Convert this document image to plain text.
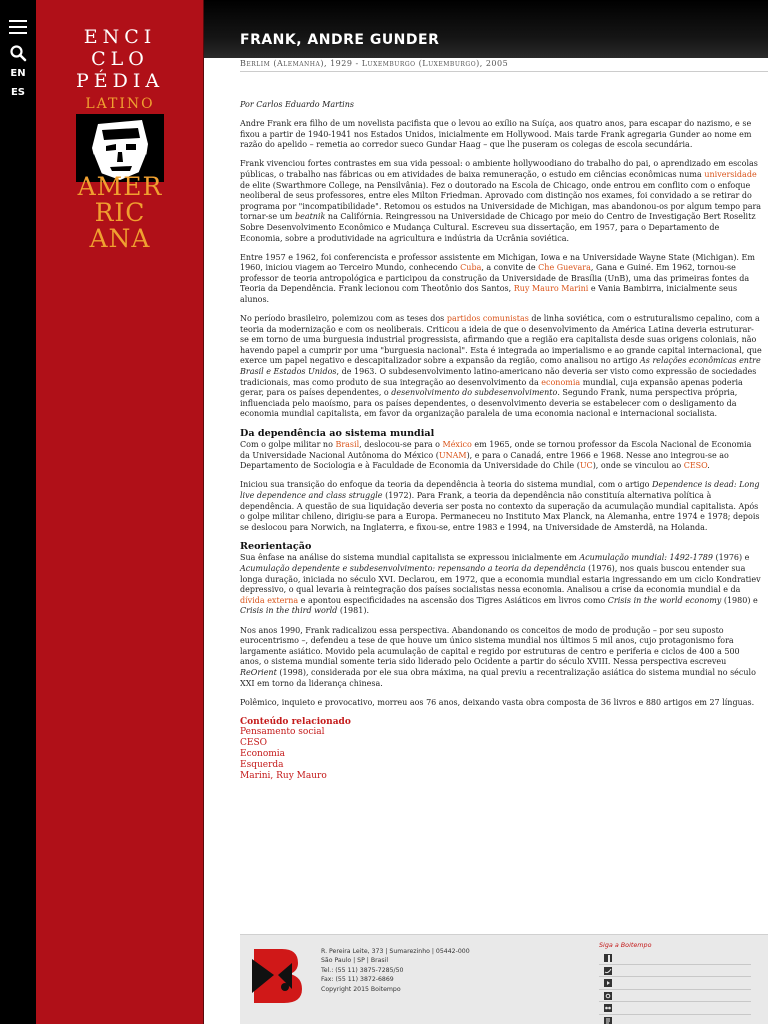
EN
ES
ENCI
CLO
PÉDIA
LATINO
AMER
RIC
ANA
FRANK, ANDRE GUNDER
Berlim (Alemanha), 1929 - Luxemburgo (Luxemburgo), 2005

Por Carlos Eduardo Martins

Andre Frank era filho de um novelista pacifista que o levou ao exílio na Suíça, aos quatro anos, para escapar do nazismo, e se fixou a partir de 1940-1941 nos Estados Unidos, inicialmente em Hollywood. Mais tarde Frank agregaria Gunder ao nome em razão do apelido – remetia ao corredor sueco Gundar Haag – que lhe puseram os colegas de escola secundária.

Frank vivenciou fortes contrastes em sua vida pessoal: o ambiente hollywoodiano do trabalho do pai, o aprendizado em escolas públicas, o trabalho nas fábricas ou em atividades de baixa remuneração, o estudo em ciências econômicas numa universidade de elite (Swarthmore College, na Pensilvânia). Fez o doutorado na Escola de Chicago, onde entrou em conflito com o enfoque neoliberal de seus professores, entre eles Milton Friedman. Aprovado com distinção nos exames, foi convidado a se retirar do programa por "incompatibilidade". Retomou os estudos na Universidade de Michigan, mas abandonou-os por algum tempo para tornar-se um beatnik na Califórnia. Reingressou na Universidade de Chicago por meio do Centro de Investigação Bert Roselitz Sobre Desenvolvimento Econômico e Mudança Cultural. Escreveu sua dissertação, em 1957, para o Departamento de Economia, sobre a produtividade na agricultura e indústria da Ucrânia soviética.

Entre 1957 e 1962, foi conferencista e professor assistente em Michigan, Iowa e na Universidade Wayne State (Michigan). Em 1960, iniciou viagem ao Terceiro Mundo, conhecendo Cuba, a convite de Che Guevara, Gana e Guiné. Em 1962, tornou-se professor de teoria antropológica e participou da construção da Universidade de Brasília (UnB), uma das primeiras fontes da Teoria da Dependência. Frank lecionou com Theotônio dos Santos, Ruy Mauro Marini e Vania Bambirra, inicialmente seus alunos.

No período brasileiro, polemizou com as teses dos partidos comunistas de linha soviética, com o estruturalismo cepalino, com a teoria da modernização e com os neoliberais. Criticou a ideia de que o desenvolvimento da América Latina deveria estruturar-se em torno de uma burguesia industrial progressista, afirmando que a região era capitalista desde suas origens coloniais, não havendo papel a cumprir por uma "burguesia nacional". Esta é integrada ao imperialismo e ao grande capital internacional, que exerce um papel negativo e descapitalizador sobre a expansão da região, como analisou no artigo As relações econômicas entre Brasil e Estados Unidos, de 1963. O subdesenvolvimento latino-americano não deveria ser visto como expressão de sociedades tradicionais, mas como produto de sua integração ao desenvolvimento da economia mundial, cuja expansão apenas poderia gerar, para os países dependentes, o desenvolvimento do subdesenvolvimento. Segundo Frank, numa perspectiva própria, influenciada pelo maoísmo, para os países dependentes, o desenvolvimento deveria se estabelecer com o desligamento da economia mundial capitalista, em favor da organização paralela de uma economia nacional e internacional socialista.

Da dependência ao sistema mundial

Com o golpe militar no Brasil, deslocou-se para o México em 1965, onde se tornou professor da Escola Nacional de Economia da Universidade Nacional Autônoma do México (UNAM), e para o Canadá, entre 1966 e 1968. Nesse ano integrou-se ao Departamento de Sociologia e à Faculdade de Economia da Universidade do Chile (UC), onde se vinculou ao CESO.

Iniciou sua transição do enfoque da teoria da dependência à teoria do sistema mundial, com o artigo Dependence is dead: Long live dependence and class struggle (1972). Para Frank, a teoria da dependência não constituía alternativa política à dependência. A questão de sua liquidação deveria ser posta no contexto da superação da acumulação mundial capitalista. Após o golpe militar chileno, dirigiu-se para a Europa. Permaneceu no Instituto Max Planck, na Alemanha, entre 1974 e 1978; depois se deslocou para Norwich, na Inglaterra, e fixou-se, entre 1983 e 1994, na Universidade de Amsterdã, na Holanda.

Reorientação

Sua ênfase na análise do sistema mundial capitalista se expressou inicialmente em Acumulação mundial: 1492-1789 (1976) e Acumulação dependente e subdesenvolvimento: repensando a teoria da dependência (1976), nos quais buscou entender sua longa duração, iniciada no século XVI. Declarou, em 1972, que a economia mundial estaria ingressando em um ciclo Kondratiev depressivo, o qual levaria à reintegração dos países socialistas nessa economia. Analisou a crise da economia mundial e da dívida externa e apontou especificidades na ascensão dos Tigres Asiáticos em livros como Crisis in the world economy (1980) e Crisis in the third world (1981).

Nos anos 1990, Frank radicalizou essa perspectiva. Abandonando os conceitos de modo de produção – por seu suposto eurocentrismo –, defendeu a tese de que houve um único sistema mundial nos últimos 5 mil anos, cujo protagonismo fora largamente asiático. Movido pela acumulação de capital e regido por estruturas de centro e periferia e ciclos de 400 a 500 anos, o sistema mundial somente teria sido liderado pelo Ocidente a partir do século XVIII. Nessa perspectiva escreveu ReOrient (1998), considerada por ele sua obra máxima, na qual previu a recentralização asiática do sistema mundial no século XXI em torno da liderança chinesa.

Polêmico, inquieto e provocativo, morreu aos 76 anos, deixando vasta obra composta de 36 livros e 880 artigos em 27 línguas.

Conteúdo relacionado
Pensamento social
CESO
Economia
Esquerda
Marini, Ruy Mauro
R. Pereira Leite, 373 | Sumarezinho | 05442-000
São Paulo | SP | Brasil
Tel.: (55 11) 3875-7285/50
Fax: (55 11) 3872-6869
Copyright 2015 Boitempo
Siga a Boitempo
